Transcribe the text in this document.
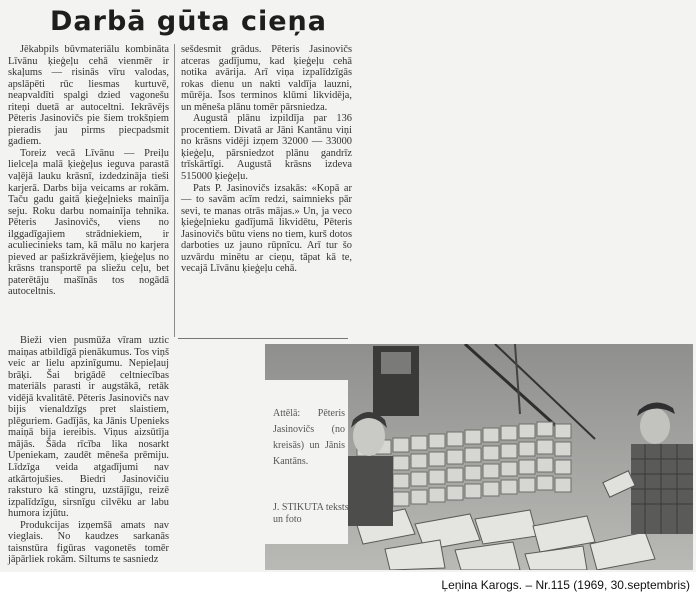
Darbā gūta cieņa

Jēkabpils būvmateriālu kombināta Līvānu ķieģeļu cehā vienmēr ir skaļums — risinās vīru valodas, apslāpēti rūc liesmas kurtuvē, neapvaldīti spalgi dzied vagonešu riteņi duetā ar autoceltni. Iekrāvējs Pēteris Jasinovičs pie šiem trokšņiem pieradis jau pirms piecpadsmit gadiem.

Toreiz vecā Līvānu — Preiļu lielceļa malā ķieģeļus ieguva parastā vaļējā lauku krāsnī, izdedzināja tieši karjerā. Darbs bija veicams ar rokām. Taču gadu gaitā ķieģeļnieks mainīja seju. Roku darbu nomainīja tehnika. Pēteris Jasinovičs, viens no ilggadīgajiem strādniekiem, ir aculiecinieks tam, kā mālu no karjera pieved ar pašizkrāvējiem, ķieģeļus no krāsns transportē pa sliežu ceļu, bet paterētāju mašīnās tos nogādā autoceltnis.

sešdesmit grādus. Pēteris Jasinovičs atceras gadījumu, kad ķieģeļu cehā notika avārija. Arī viņa izpalīdzīgās rokas dienu un nakti valdīja lauzni, mūrēja. Īsos terminos klūmi likvidēja, un mēneša plānu tomēr pārsniedza.

Augustā plānu izpildīja par 136 procentiem. Divatā ar Jāni Kantānu viņi no krāsns vidēji izņem 32000 — 33000 ķieģeļu, pārsniedzot plānu gandrīz trīskārtīgi. Augustā krāsns izdeva 515000 ķieģeļu.

Pats P. Jasinovičs izsakās: «Kopā ar — to savām acīm redzi, saimnieks pār sevi, te manas otrās mājas.» Un, ja veco ķieģeļnieku gadījumā likvidētu, Pēteris Jasinovičs būtu viens no tiem, kurš dotos darboties uz jauno rūpnīcu. Arī tur šo uzvārdu minētu ar cieņu, tāpat kā te, vecajā Līvānu ķieģeļu cehā.

Bieži vien pusmūža vīram uztic maiņas atbildīgā pienākumus. Tos viņš veic ar lielu apzinīgumu. Nepieļauj brāķi. Šai brigādē celtniecības materiāls parasti ir augstākā, retāk vidējā kvalitātē. Pēteris Jasinovičs nav bijis vienaldzīgs pret slaistiem, plēguriem. Gadījās, ka Jānis Upenieks maiņā bija iereibis. Viņus aizsūtīja mājās. Šāda rīcība lika nosarkt Upeniekam, zaudēt mēneša prēmiju. Līdzīga veida atgadījumi nav atkārtojušies. Biedri Jasinovičiu raksturo kā stingru, uzstājīgu, reizē izpalīdzīgu, sirsnīgu cilvēku ar labu humora izjūtu.

Produkcijas izņemšā amats nav vieglais. No kaudzes sarkanās taisnstūra figūras vagonetēs tomēr jāpārliek rokām. Siltums te sasniedz

Attēlā: Pēteris Jasinovičs (no kreisās) un Jānis Kantāns.
J. STIKUTA teksts un foto
Ļeņina Karogs. – Nr.115 (1969, 30.septembris)
